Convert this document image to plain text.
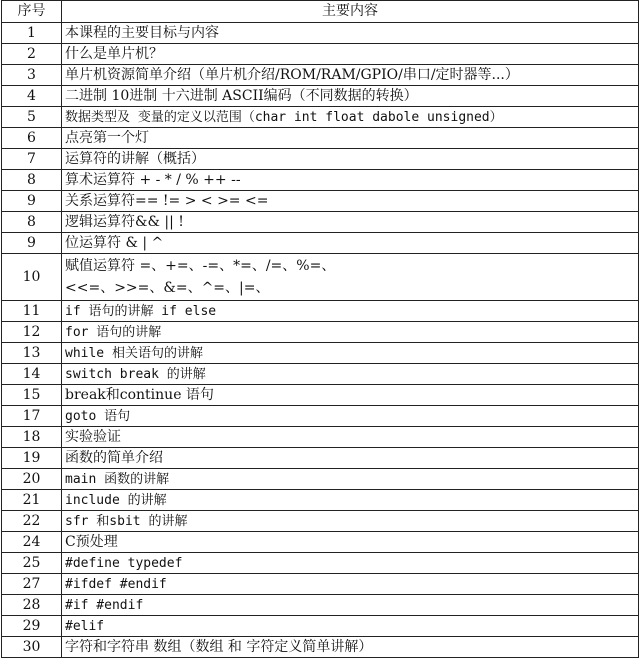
序号	主要内容
1	本课程的主要目标与内容
2	什么是单片机？
3	单片机资源简单介绍（单片机介绍/ROM/RAM/GPIO/串口/定时器等...）
4	二进制 10进制 十六进制 ASCII编码（不同数据的转换）
5	数据类型及 变量的定义以范围（char int float dabole unsigned）
6	点亮第一个灯
7	运算符的讲解（概括）
8	算术运算符 + - * / % ++ --
9	关系运算符== != > < >= <=
8	逻辑运算符&& || !
9	位运算符 & | ^
10	赋值运算符 =、+=、-=、*=、/=、%=、
<<=、>>=、&=、^=、|=、

11	if 语句的讲解 if else
12	for 语句的讲解
13	while 相关语句的讲解
14	switch break 的讲解
15	break和continue 语句
17	goto 语句
18	实验验证
19	函数的简单介绍
20	main 函数的讲解
21	include 的讲解
22	sfr 和sbit 的讲解
24	C预处理
25	#define typedef
27	#ifdef #endif
28	#if #endif
29	#elif
30	字符和字符串 数组（数组 和 字符定义简单讲解）
